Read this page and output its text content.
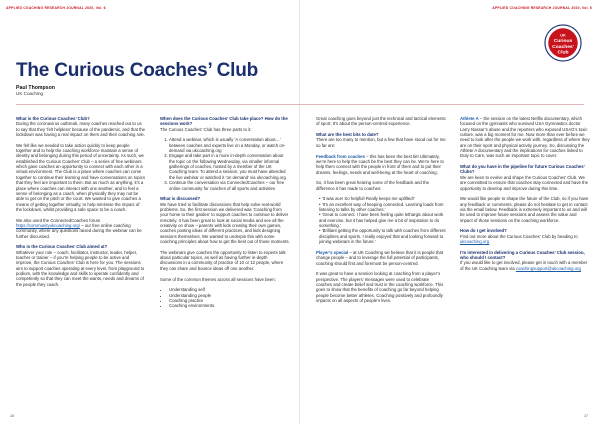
APPLIED COACHING RESEARCH JOURNAL 2020, Vol. 6	APPLIED COACHING RESEARCH JOURNAL 2020, Vol. 6
UK
Curious
Coaches'
Club
The Curious Coaches’ Club
Paul Thompson
UK Coaching
What is the Curious Coaches’ Club?

During the coronavirus outbreak, many coaches reached out to us to say that they ‘felt helpless’ because of the pandemic, and that the lockdown was having a real impact on them and their coaching role.

We felt like we needed to take action quickly to keep people together and to help the coaching workforce maintain a sense of identity and belonging during this period of uncertainty. As such, we established the Curious Coaches’ Club – a series of free webinars which gave coaches an opportunity to connect with each other in a virtual environment. The Club is a place where coaches can come together to continue their learning and have conversations on topics that they feel are important to them. But as much as anything, it’s a place where coaches can interact with one another, and to feel a sense of belonging as a coach, when physically they may not be able to get on the pitch or the court. We wanted to give coaches a means of getting together virtually, to help minimise the impact of the lockdown, whilst providing a safe space to be a coach.

We also used the ConnectedCoaches forum https://communityukcoaching.org/ – our free online coaching community, where any questions raised during the webinar can be further discussed.

Who is the Curious Coaches’ Club aimed at?

Whatever your role – coach, facilitator, instructor, leader, helper, teacher or trainer – if you’re helping people to be active and improve, the Curious Coaches’ Club is here for you. The sessions aim to support coaches operating at every level, from playground to podium, with the knowledge and skills to operate confidently and competently so that they can meet the wants, needs and dreams of the people they coach.

When does the Curious Coaches’ Club take place? How do the sessions work?

The Curious Coaches’ Club has three parts to it:

1. Attend a webinar, which is usually ‘A conversation about…’ between coaches and experts live on a Monday, or watch on-demand via ukcoaching.org
2. Engage and take part in a more in-depth conversation about the topic on the following Wednesday, via smaller informal gatherings of coaches, hosted by a member of the UK Coaching team. To attend a session, you must have attended the live webinar or watched it ‘on demand’ via ukcoaching.org
3. Continue the conversation via ConnectedCoaches – our free online community for coaches of all sports and activities
What is discussed?

We have tried to facilitate discussions that help solve real-world problems. So, the first session we delivered was ‘Coaching from your home to their garden’ to support coaches to continue to deliver remotely. It has been great to look at social media and see all the creativity on show – parents with kids creating their own games, coaches posting ideas of different practices, and kids designing sessions themselves. We wanted to underpin this with some coaching principles about how to get the best out of those moments.

The webinars give coaches the opportunity to listen to experts talk about particular topics, as well as having further in-depth discussions in a community of practice of 10 or 12 people, where they can share and bounce ideas off one another.

Some of the common themes across all sessions have been:

• Understanding self
• Understanding people
• Coaching practice
• Coaching environments.

Great coaching goes beyond just the technical and tactical elements of sport. It’s about the person-centred experience.

What are the best bits to date?

There are too many to mention, but a few that have stood out for me so far are:

Feedback from coaches – this has been the best bit! Ultimately, we’re here to help the coach be the best they can be. We’re here to help them connect with the people in front of them and to put their dreams, feelings, needs and well-being at the heart of coaching.

So, it has been great hearing some of the feedback and the difference it has made to coaches:

• ‘It was ace! So helpful! Really keeps me uplifted!’
• ‘It’s an excellent way of keeping connected. Learning loads from listening to talks by other coaches.’
• ‘Great to connect. I have been feeling quite lethargic about work and exercise, but it has helped give me a bit of inspiration to do something.’
• ‘Brilliant getting the opportunity to talk with coaches from different disciplines and sports. I really enjoyed that and looking forward to joining webinars in the future.’

Player’s special – at UK Coaching we believe that it is people that change people – and to leverage the full potential of participants, coaching should first and foremost be person-centred.

It was great to have a session looking at coaching from a player’s perspective. The players’ messages were used to celebrate coaches and create belief and trust in the coaching workforce. This goes to show that the benefits of coaching go far beyond helping people become better athletes. Coaching positively and profoundly impacts on all aspects of people’s lives.

Athlete A – the session on the latest Netflix documentary, which focused on the gymnasts who survived USA Gymnastics doctor Larry Nassar’s abuse and the reporters who exposed USAG’s toxic culture, was a big moment for me. Now more than ever before we need to look after the people we work with, regardless of where they are on their sport and physical activity journey. So, discussing the Athlete A documentary and the implications for coaches linked to Duty to Care, was such an important topic to cover.

What do you have in the pipeline for future Curious Coaches’ Clubs?

We are keen to evolve and shape the Curious Coaches’ Club. We are committed to ensure that coaches stay connected and have the opportunity to develop and improve during this time.

We would like people to shape the future of the Club, so if you have any feedback or comments, please do not hesitate to get in contact via the email below. Feedback is extremely important to us and will be used to improve future sessions and assess the value and impact of those sessions on the coaching workforce.

How do I get involved?

Find out more about the Curious Coaches’ Club by heading to ukcoaching.org

I’m interested in delivering a Curious Coaches’ Club session, who should I contact?

If you would like to get involved, please get in touch with a member of the UK Coaching team via coachingsupport@ukcoaching.org

16	17
